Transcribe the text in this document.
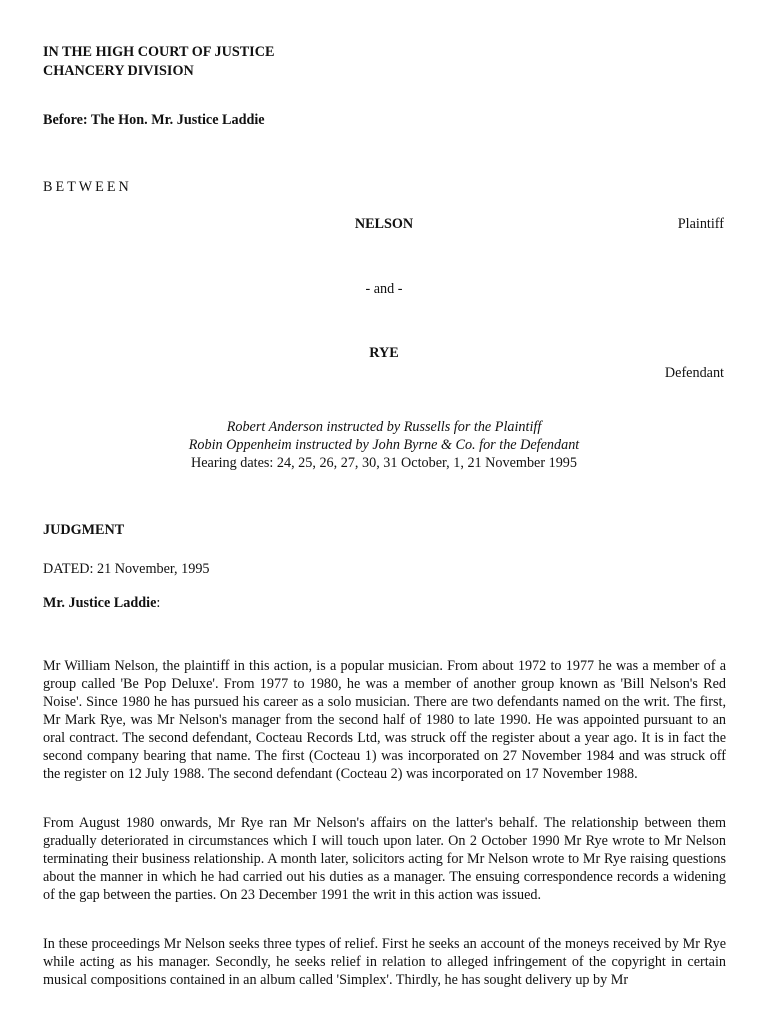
IN THE HIGH COURT OF JUSTICE
CHANCERY DIVISION
Before: The Hon. Mr. Justice Laddie
BETWEEN
NELSON	Plaintiff
- and -
RYE
Defendant
Robert Anderson instructed by Russells for the Plaintiff
Robin Oppenheim instructed by John Byrne & Co. for the Defendant
Hearing dates: 24, 25, 26, 27, 30, 31 October, 1, 21 November 1995
JUDGMENT
DATED: 21 November, 1995
Mr. Justice Laddie:

Mr William Nelson, the plaintiff in this action, is a popular musician. From about 1972 to 1977 he was a member of a group called 'Be Pop Deluxe'. From 1977 to 1980, he was a member of another group known as 'Bill Nelson's Red Noise'. Since 1980 he has pursued his career as a solo musician. There are two defendants named on the writ. The first, Mr Mark Rye, was Mr Nelson's manager from the second half of 1980 to late 1990. He was appointed pursuant to an oral contract. The second defendant, Cocteau Records Ltd, was struck off the register about a year ago. It is in fact the second company bearing that name. The first (Cocteau 1) was incorporated on 27 November 1984 and was struck off the register on 12 July 1988. The second defendant (Cocteau 2) was incorporated on 17 November 1988.

From August 1980 onwards, Mr Rye ran Mr Nelson's affairs on the latter's behalf. The relationship between them gradually deteriorated in circumstances which I will touch upon later. On 2 October 1990 Mr Rye wrote to Mr Nelson terminating their business relationship. A month later, solicitors acting for Mr Nelson wrote to Mr Rye raising questions about the manner in which he had carried out his duties as a manager. The ensuing correspondence records a widening of the gap between the parties. On 23 December 1991 the writ in this action was issued.

In these proceedings Mr Nelson seeks three types of relief. First he seeks an account of the moneys received by Mr Rye while acting as his manager. Secondly, he seeks relief in relation to alleged infringement of the copyright in certain musical compositions contained in an album called 'Simplex'. Thirdly, he has sought delivery up by Mr
